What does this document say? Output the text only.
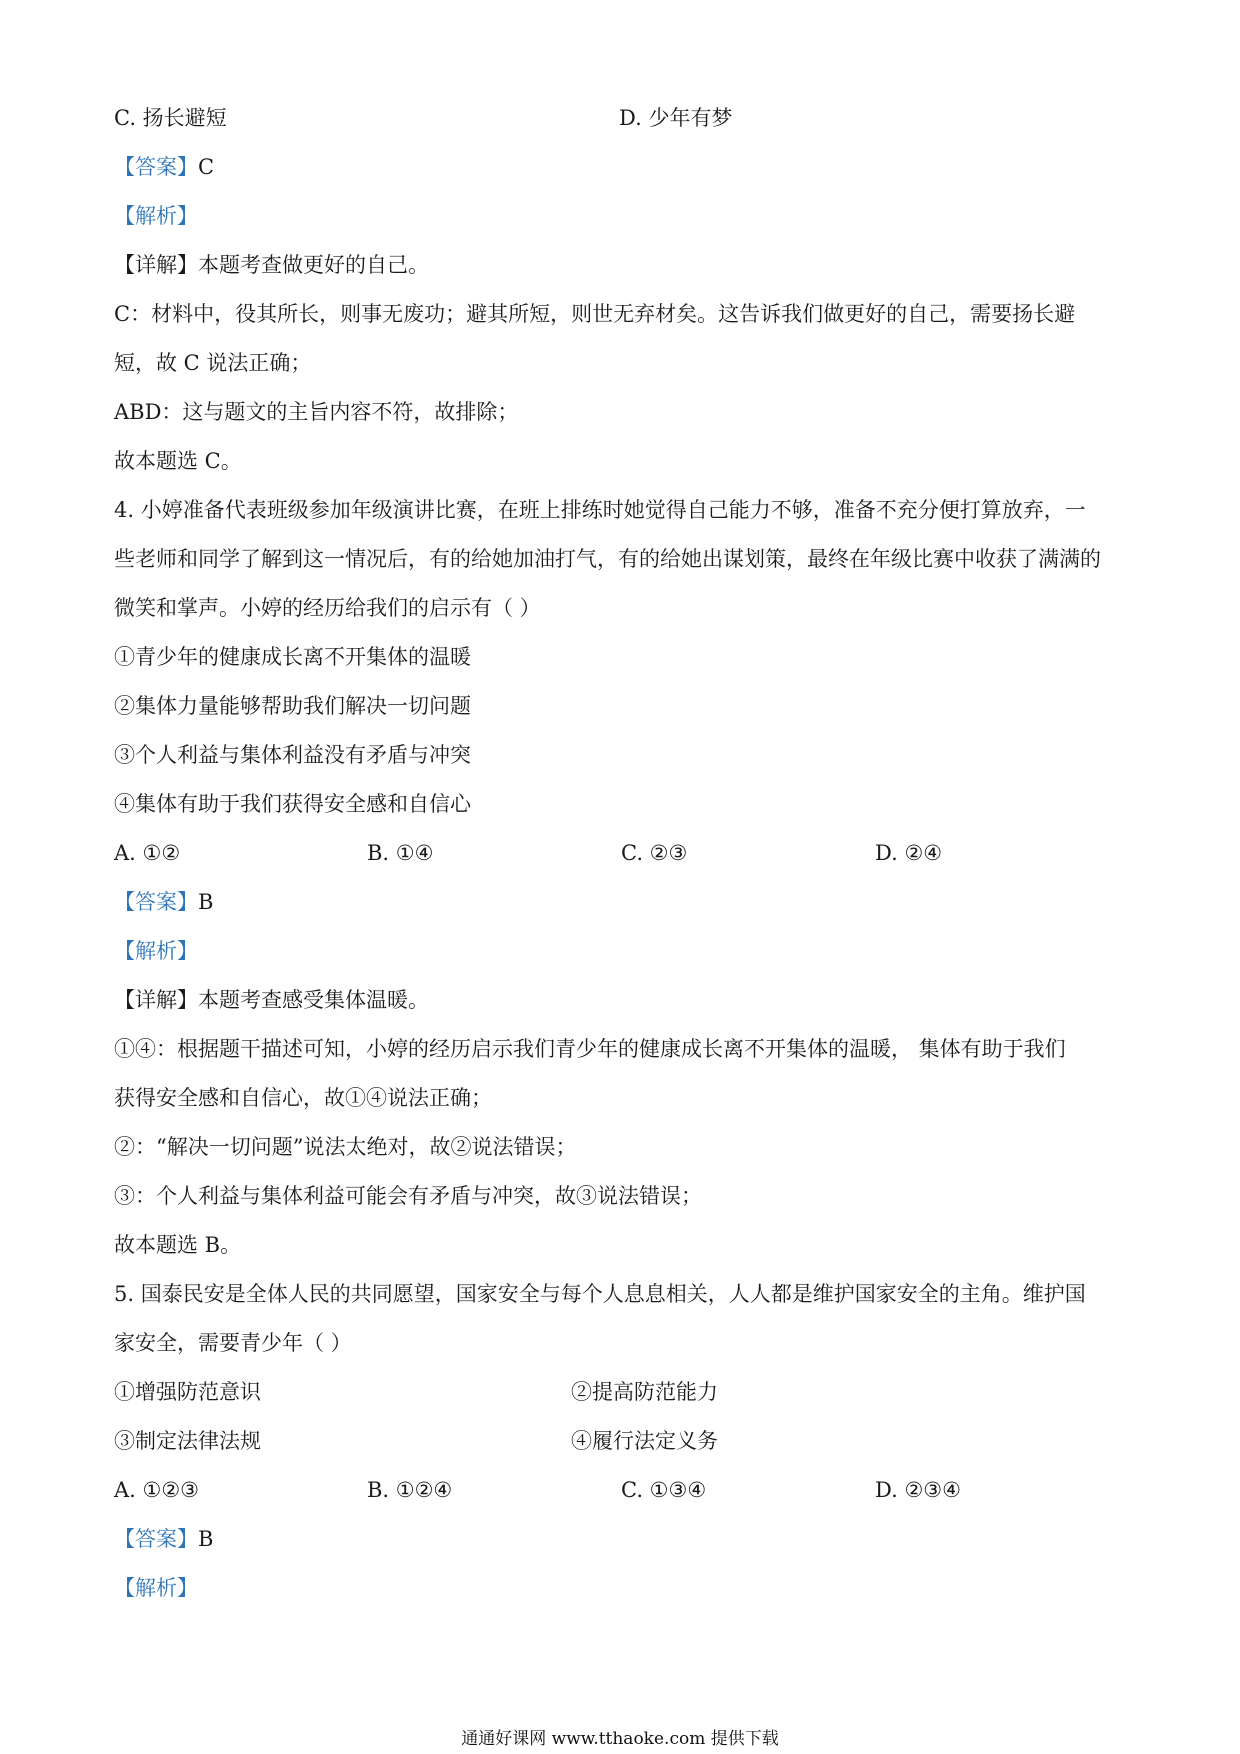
C. 扬长避短	D. 少年有梦
【答案】C
【解析】
【详解】本题考查做更好的自己。
C：材料中，役其所长，则事无废功；避其所短，则世无弃材矣。这告诉我们做更好的自己，需要扬长避
短，故 C 说法正确；
ABD：这与题文的主旨内容不符，故排除；
故本题选 C。
4. 小婷准备代表班级参加年级演讲比赛，在班上排练时她觉得自己能力不够，准备不充分便打算放弃，一
些老师和同学了解到这一情况后，有的给她加油打气，有的给她出谋划策，最终在年级比赛中收获了满满的
微笑和掌声。小婷的经历给我们的启示有（ ）
①青少年的健康成长离不开集体的温暖
②集体力量能够帮助我们解决一切问题
③个人利益与集体利益没有矛盾与冲突
④集体有助于我们获得安全感和自信心
A. ①②	B. ①④	C. ②③	D. ②④
【答案】B
【解析】
【详解】本题考查感受集体温暖。
①④：根据题干描述可知，小婷的经历启示我们青少年的健康成长离不开集体的温暖， 集体有助于我们
获得安全感和自信心，故①④说法正确；
②：“解决一切问题”说法太绝对，故②说法错误；
③：个人利益与集体利益可能会有矛盾与冲突，故③说法错误；
故本题选 B。
5. 国泰民安是全体人民的共同愿望，国家安全与每个人息息相关，人人都是维护国家安全的主角。维护国
家安全，需要青少年（ ）
①增强防范意识	②提高防范能力
③制定法律法规	④履行法定义务
A. ①②③	B. ①②④	C. ①③④	D. ②③④
【答案】B
【解析】
通通好课网 www.tthaoke.com 提供下载
